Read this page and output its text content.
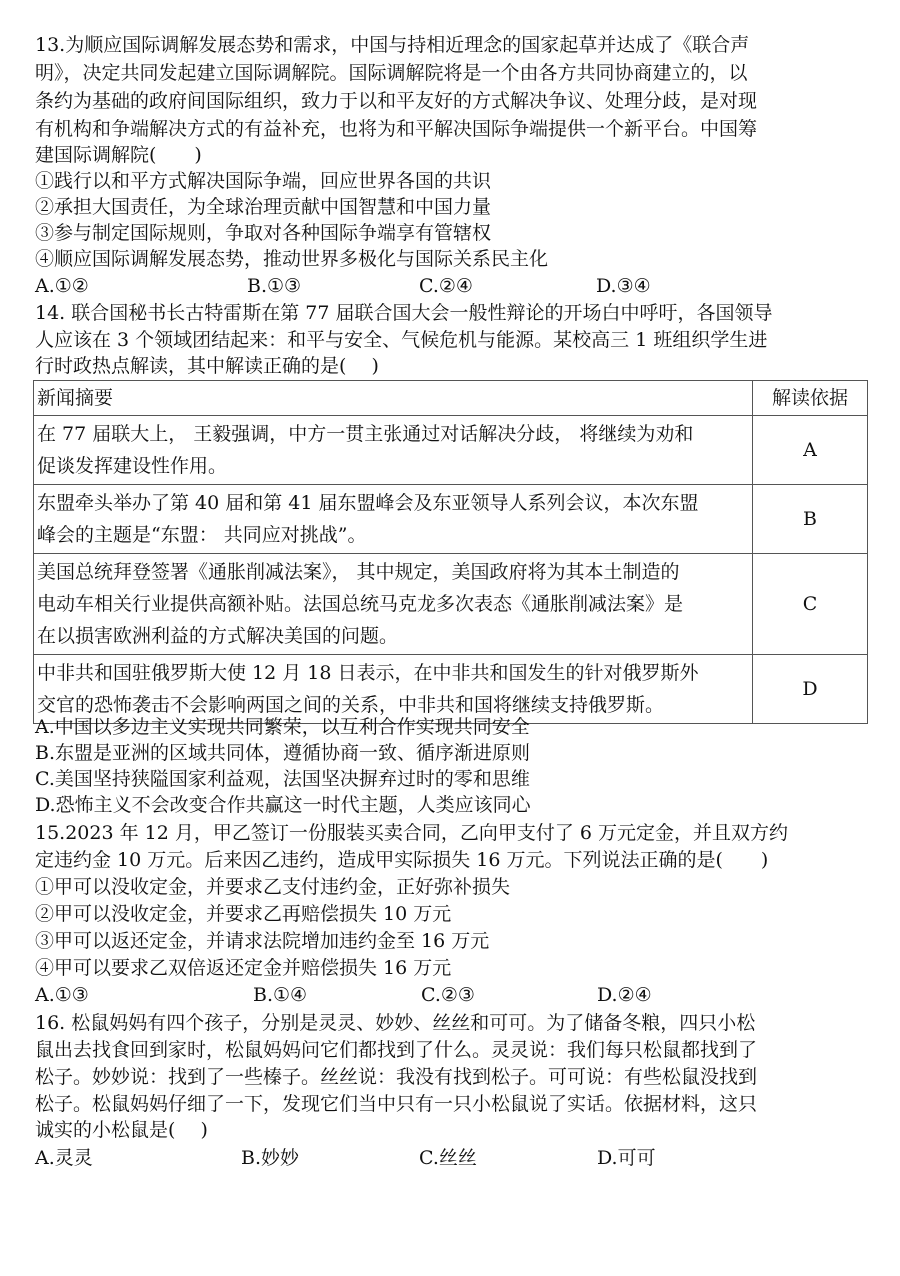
13.为顺应国际调解发展态势和需求，中国与持相近理念的国家起草并达成了《联合声
明》，决定共同发起建立国际调解院。国际调解院将是一个由各方共同协商建立的，以
条约为基础的政府间国际组织，致力于以和平友好的方式解决争议、处理分歧，是对现
有机构和争端解决方式的有益补充，也将为和平解决国际争端提供一个新平台。中国筹
建国际调解院(　　)
①践行以和平方式解决国际争端，回应世界各国的共识
②承担大国责任，为全球治理贡献中国智慧和中国力量
③参与制定国际规则，争取对各种国际争端享有管辖权
④顺应国际调解发展态势，推动世界多极化与国际关系民主化
A.①②	B.①③	C.②④	D.③④
14. 联合国秘书长古特雷斯在第 77 届联合国大会一般性辩论的开场白中呼吁，各国领导
人应该在 3 个领域团结起来：和平与安全、气候危机与能源。某校高三 1 班组织学生进
行时政热点解读，其中解读正确的是(　 )
新闻摘要	解读依据

在 77 届联大上， 王毅强调，中方一贯主张通过对话解决分歧， 将继续为劝和
促谈发挥建设性作用。	A

东盟牵头举办了第 40 届和第 41 届东盟峰会及东亚领导人系列会议，本次东盟
峰会的主题是“东盟： 共同应对挑战”。	B

美国总统拜登签署《通胀削减法案》， 其中规定，美国政府将为其本土制造的
电动车相关行业提供高额补贴。法国总统马克龙多次表态《通胀削减法案》是
在以损害欧洲利益的方式解决美国的问题。	C

中非共和国驻俄罗斯大使 12 月 18 日表示，在中非共和国发生的针对俄罗斯外
交官的恐怖袭击不会影响两国之间的关系，中非共和国将继续支持俄罗斯。	D
A.中国以多边主义实现共同繁荣，以互利合作实现共同安全
B.东盟是亚洲的区域共同体，遵循协商一致、循序渐进原则
C.美国坚持狭隘国家利益观，法国坚决摒弃过时的零和思维
D.恐怖主义不会改变合作共赢这一时代主题，人类应该同心
15.2023 年 12 月，甲乙签订一份服装买卖合同，乙向甲支付了 6 万元定金，并且双方约
定违约金 10 万元。后来因乙违约，造成甲实际损失 16 万元。下列说法正确的是(　　)
①甲可以没收定金，并要求乙支付违约金，正好弥补损失
②甲可以没收定金，并要求乙再赔偿损失 10 万元
③甲可以返还定金，并请求法院增加违约金至 16 万元
④甲可以要求乙双倍返还定金并赔偿损失 16 万元
A.①③	B.①④	C.②③	D.②④
16. 松鼠妈妈有四个孩子，分别是灵灵、妙妙、丝丝和可可。为了储备冬粮，四只小松
鼠出去找食回到家时，松鼠妈妈问它们都找到了什么。灵灵说：我们每只松鼠都找到了
松子。妙妙说：找到了一些榛子。丝丝说：我没有找到松子。可可说：有些松鼠没找到
松子。松鼠妈妈仔细了一下，发现它们当中只有一只小松鼠说了实话。依据材料，这只
诚实的小松鼠是(　 )
A.灵灵	B.妙妙	C.丝丝	D.可可
